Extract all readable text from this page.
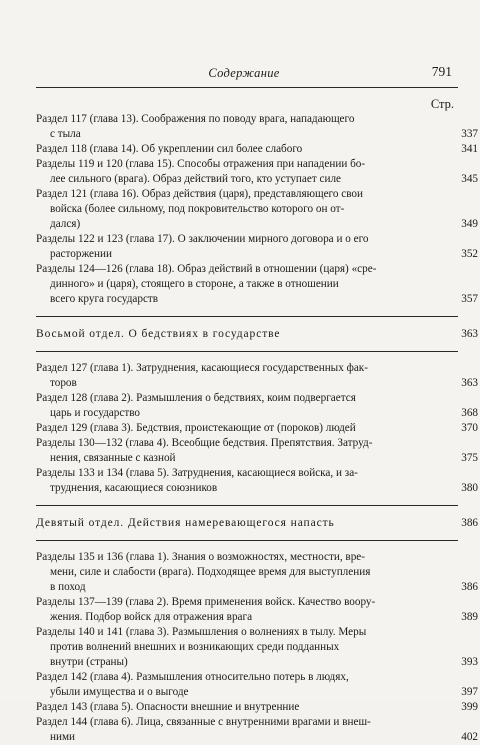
Содержание	791
Стр.
Раздел 117 (глава 13). Соображения по поводу врага, нападающего
с тыла	337
Раздел 118 (глава 14). Об укреплении сил более слабого	341
Разделы 119 и 120 (глава 15). Способы отражения при нападении бо-
лее сильного (врага). Образ действий того, кто уступает силе	345
Раздел 121 (глава 16). Образ действия (царя), представляющего свои
войска (более сильному, под покровительство которого он от-
дался)	349
Разделы 122 и 123 (глава 17). О заключении мирного договора и о его
расторжении	352
Разделы 124—126 (глава 18). Образ действий в отношении (царя) «сре-
динного» и (царя), стоящего в стороне, а также в отношении
всего круга государств	357
Восьмой отдел. О бедствиях в государстве	363
Раздел 127 (глава 1). Затруднения, касающиеся государственных фак-
торов	363
Раздел 128 (глава 2). Размышления о бедствиях, коим подвергается
царь и государство	368
Раздел 129 (глава 3). Бедствия, проистекающие от (пороков) людей	370
Разделы 130—132 (глава 4). Всеобщие бедствия. Препятствия. Затруд-
нения, связанные с казной	375
Разделы 133 и 134 (глава 5). Затруднения, касающиеся войска, и за-
труднения, касающиеся союзников	380
Девятый отдел. Действия намеревающегося напасть	386
Разделы 135 и 136 (глава 1). Знания о возможностях, местности, вре-
мени, силе и слабости (врага). Подходящее время для выступления
в поход	386
Разделы 137—139 (глава 2). Время применения войск. Качество воору-
жения. Подбор войск для отражения врага	389
Разделы 140 и 141 (глава 3). Размышления о волнениях в тылу. Меры
против волнений внешних и возникающих среди подданных
внутри (страны)	393
Раздел 142 (глава 4). Размышления относительно потерь в людях,
убыли имущества и о выгоде	397
Раздел 143 (глава 5). Опасности внешние и внутренние	399
Раздел 144 (глава 6). Лица, связанные с внутренними врагами и внеш-
ними	402
